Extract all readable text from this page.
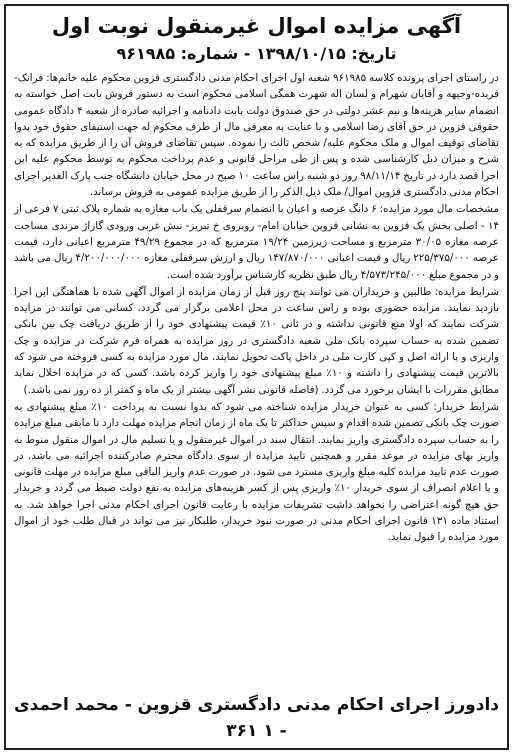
آگهی مزایده اموال غیرمنقول نوبت اول
تاریخ: ۱۳۹۸/۱۰/۱۵ - شماره: ۹۶۱۹۸۵

در راستای اجرای پرونده کلاسه ۹۶۱۹۸۵ شعبه اول اجرای احکام مدنی دادگستری قزوین محکوم علیه خانم‌ها: فرانک-فریده-وجیهه و آقایان شهرام و لسان اله شهرت همگی اسلامی محکوم است به دستور فروش بابت اصل خواسته به انضمام سایر هزینه‌ها و نیم عشر دولتی در حق صندوق دولت بابت دادنامه و اجرائیه صادره از شعبه ۴ دادگاه عمومی حقوقی قزوین در حق آقای رضا اسلامی و با عنایت به معرفی مال از طرف محکوم له جهت استیفای حقوق خود بدوا تقاضای توقیف اموال و ملک محکوم علیه/ شخص ثالث را نموده. سپس تقاضای فروش آن را از طریق مزایده که به شرح و میزان ذیل کارشناسی شده و پس از طی مراحل قانونی و عدم پرداخت محکوم به توسط محکوم علیه این اجرا قصد دارد در تاریخ ۹۸/۱۱/۱۴ روز دو شنبه راس ساعت ۱۰ صبح در محل خیابان دانشگاه جنب پارک الغدیر اجرای احکام مدنی دادگستری قزوین اموال/ ملک ذیل الذکر را از طریق مزایده عمومی به فروش برساند.

مشخصات مال مورد مزایده: ۶ دانگ عرصه و اعیان با انضمام سرقفلی یک باب مغازه به شماره پلاک ثبتی ۷ فرعی از ۱۴ - اصلی بخش یک قزوین به نشانی قزوین خیابان امام- روبروی خ تبریز- نبش غربی ورودی گاراژ مرندی مساحت عرصه مغازه ۳۰/۰۵ مترمربع و مساحت زیرزمین ۱۹/۲۴ مترمربع که در مجموع ۴۹/۲۹ مترمربع اعیانی دارد، قیمت عرصه ۲۲۵/۳۷۵/۰۰۰ ریال و قیمت اعیانی ۱۴۷/۸۷۰/۰۰۰ ریال و ارزش سرقفلی مغازه ۴/۲۰۰/۰۰۰/۰۰۰ ریال می باشد و در مجموع مبلغ ۴/۵۷۳/۲۴۵/۰۰۰ ریال طبق نظریه کارشناس برآورد شده است.

شرایط مزایده: طالبین و خریداران می توانند پنج روز قبل از زمان مزایده از اموال آگهی شده با هماهنگی این اجرا بازدید نمایند. مزایده حضوری بوده و راس ساعت در محل اعلامی برگزار می گردد. کسانی می توانند در مزایده شرکت نمایند که اولا منع قانونی نداشته و در ثانی ۱۰٪ قیمت پیشنهادی خود را از طریق دریافت چک بین بانکی تضمین شده به حساب سپرده بانک ملی شعبه دادگستری در روز مزایده به همراه فرم شرکت در مزایده و چک واریزی و یا ارائه اصل و کپی کارت ملی در داخل پاکت تحویل نمایند. مال مورد مزایده به کسی فروخته می شود که بالاترین قیمت پیشنهادی را داشته و ۱۰٪ مبلغ پیشنهادی خود را واریز کرده باشد. کسی که در مزایده اخلال نماید مطابق مقررات با ایشان برخورد می گردد. (فاصله قانونی نشر آگهی بیشتر از یک ماه و کمتر از ده روز نمی باشد.)

شرایط خریدار: کسی به عنوان خریدار مزایده شناخته می شود که بدوا نسبت به پرداخت ۱۰٪ مبلغ پیشنهادی به صورت چک بانکی تضمین شده اقدام و سپس حداکثر تا یک ماه از زمان انجام مزایده مهلت دارد تا مابقی مبلغ مزایده را به حساب سپرده دادگستری واریز نمایند. انتقال سند در اموال غیرمنقول و یا تسلیم مال در اموال منقول منوط به واریز بهای مزایده در موعد مقرر و همچنین تایید مزایده از سوی دادگاه محترم صادرکننده اجرائیه می باشد. در صورت عدم تایید مزایده کلیه مبلغ واریزی مسترد می شود. در صورت عدم واریز الباقی مبلغ مزایده در مهلت قانونی و یا اعلام انصراف از سوی خریدار ۱۰٪ واریزی پس از کسر هزینه‌های مزایده به نفع دولت ضبط می گردد و خریدار حق هیچ گونه اعتراضی را نخواهد داشت تشریفات مزایده با رعایت قانون اجرای احکام مدنی اجرا خواهد شد. به استناد ماده ۱۳۱ قانون اجرای احکام مدنی در صورت نبود خریدار، طلبکار نیز می تواند در قبال طلب خود از اموال مورد مزایده را قبول نماید.

دادورز اجرای احکام مدنی دادگستری قزوین - محمد احمدی - ۱ ۳۶۱
